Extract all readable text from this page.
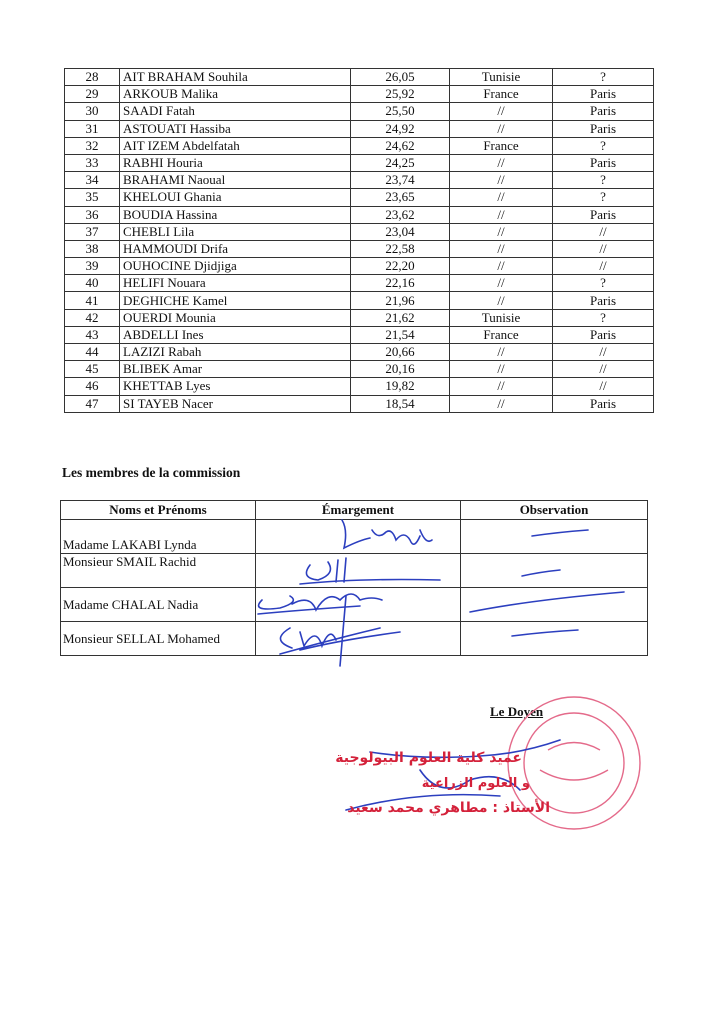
28	AIT BRAHAM Souhila	26,05	Tunisie	?
29	ARKOUB Malika	25,92	France	Paris
30	SAADI Fatah	25,50	//	Paris
31	ASTOUATI Hassiba	24,92	//	Paris
32	AIT IZEM Abdelfatah	24,62	France	?
33	RABHI Houria	24,25	//	Paris
34	BRAHAMI Naoual	23,74	//	?
35	KHELOUI Ghania	23,65	//	?
36	BOUDIA Hassina	23,62	//	Paris
37	CHEBLI Lila	23,04	//	//
38	HAMMOUDI Drifa	22,58	//	//
39	OUHOCINE Djidjiga	22,20	//	//
40	HELIFI Nouara	22,16	//	?
41	DEGHICHE Kamel	21,96	//	Paris
42	OUERDI Mounia	21,62	Tunisie	?
43	ABDELLI Ines	21,54	France	Paris
44	LAZIZI Rabah	20,66	//	//
45	BLIBEK Amar	20,16	//	//
46	KHETTAB Lyes	19,82	//	//
47	SI TAYEB Nacer	18,54	//	Paris
Les membres de la commission
Noms et Prénoms	Émargement	Observation
Madame LAKABI Lynda		
Monsieur SMAIL Rachid		
Madame CHALAL Nadia		
Monsieur SELLAL Mohamed		
Le Doyen
عميد كلية العلوم البيولوجية
و العلوم الزراعية
الأستاذ : مطاهري محمد سعيد
